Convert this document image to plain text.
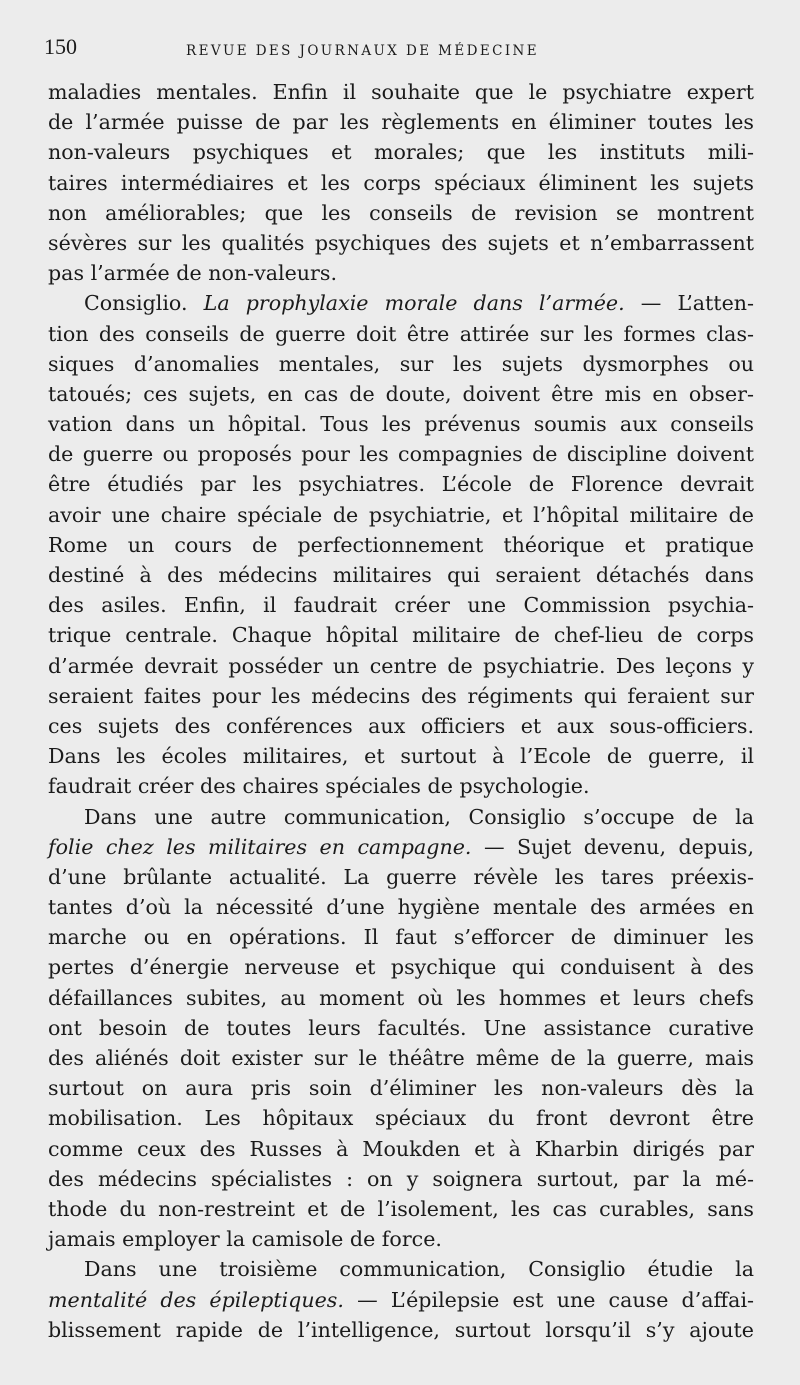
150	REVUE DES JOURNAUX DE MÉDECINE
maladies mentales. Enfin il souhaite que le psychiatre expert
de l’armée puisse de par les règlements en éliminer toutes les
non-valeurs psychiques et morales; que les instituts mili-
taires intermédiaires et les corps spéciaux éliminent les sujets
non améliorables; que les conseils de revision se montrent
sévères sur les qualités psychiques des sujets et n’embarrassent
pas l’armée de non-valeurs.
Consiglio. La prophylaxie morale dans l’armée. — L’atten-
tion des conseils de guerre doit être attirée sur les formes clas-
siques d’anomalies mentales, sur les sujets dysmorphes ou
tatoués; ces sujets, en cas de doute, doivent être mis en obser-
vation dans un hôpital. Tous les prévenus soumis aux conseils
de guerre ou proposés pour les compagnies de discipline doivent
être étudiés par les psychiatres. L’école de Florence devrait
avoir une chaire spéciale de psychiatrie, et l’hôpital militaire de
Rome un cours de perfectionnement théorique et pratique
destiné à des médecins militaires qui seraient détachés dans
des asiles. Enfin, il faudrait créer une Commission psychia-
trique centrale. Chaque hôpital militaire de chef-lieu de corps
d’armée devrait posséder un centre de psychiatrie. Des leçons y
seraient faites pour les médecins des régiments qui feraient sur
ces sujets des conférences aux officiers et aux sous-officiers.
Dans les écoles militaires, et surtout à l’Ecole de guerre, il
faudrait créer des chaires spéciales de psychologie.
Dans une autre communication, Consiglio s’occupe de la
folie chez les militaires en campagne. — Sujet devenu, depuis,
d’une brûlante actualité. La guerre révèle les tares préexis-
tantes d’où la nécessité d’une hygiène mentale des armées en
marche ou en opérations. Il faut s’efforcer de diminuer les
pertes d’énergie nerveuse et psychique qui conduisent à des
défaillances subites, au moment où les hommes et leurs chefs
ont besoin de toutes leurs facultés. Une assistance curative
des aliénés doit exister sur le théâtre même de la guerre, mais
surtout on aura pris soin d’éliminer les non-valeurs dès la
mobilisation. Les hôpitaux spéciaux du front devront être
comme ceux des Russes à Moukden et à Kharbin dirigés par
des médecins spécialistes : on y soignera surtout, par la mé-
thode du non-restreint et de l’isolement, les cas curables, sans
jamais employer la camisole de force.
Dans une troisième communication, Consiglio étudie la
mentalité des épileptiques. — L’épilepsie est une cause d’affai-
blissement rapide de l’intelligence, surtout lorsqu’il s’y ajoute
